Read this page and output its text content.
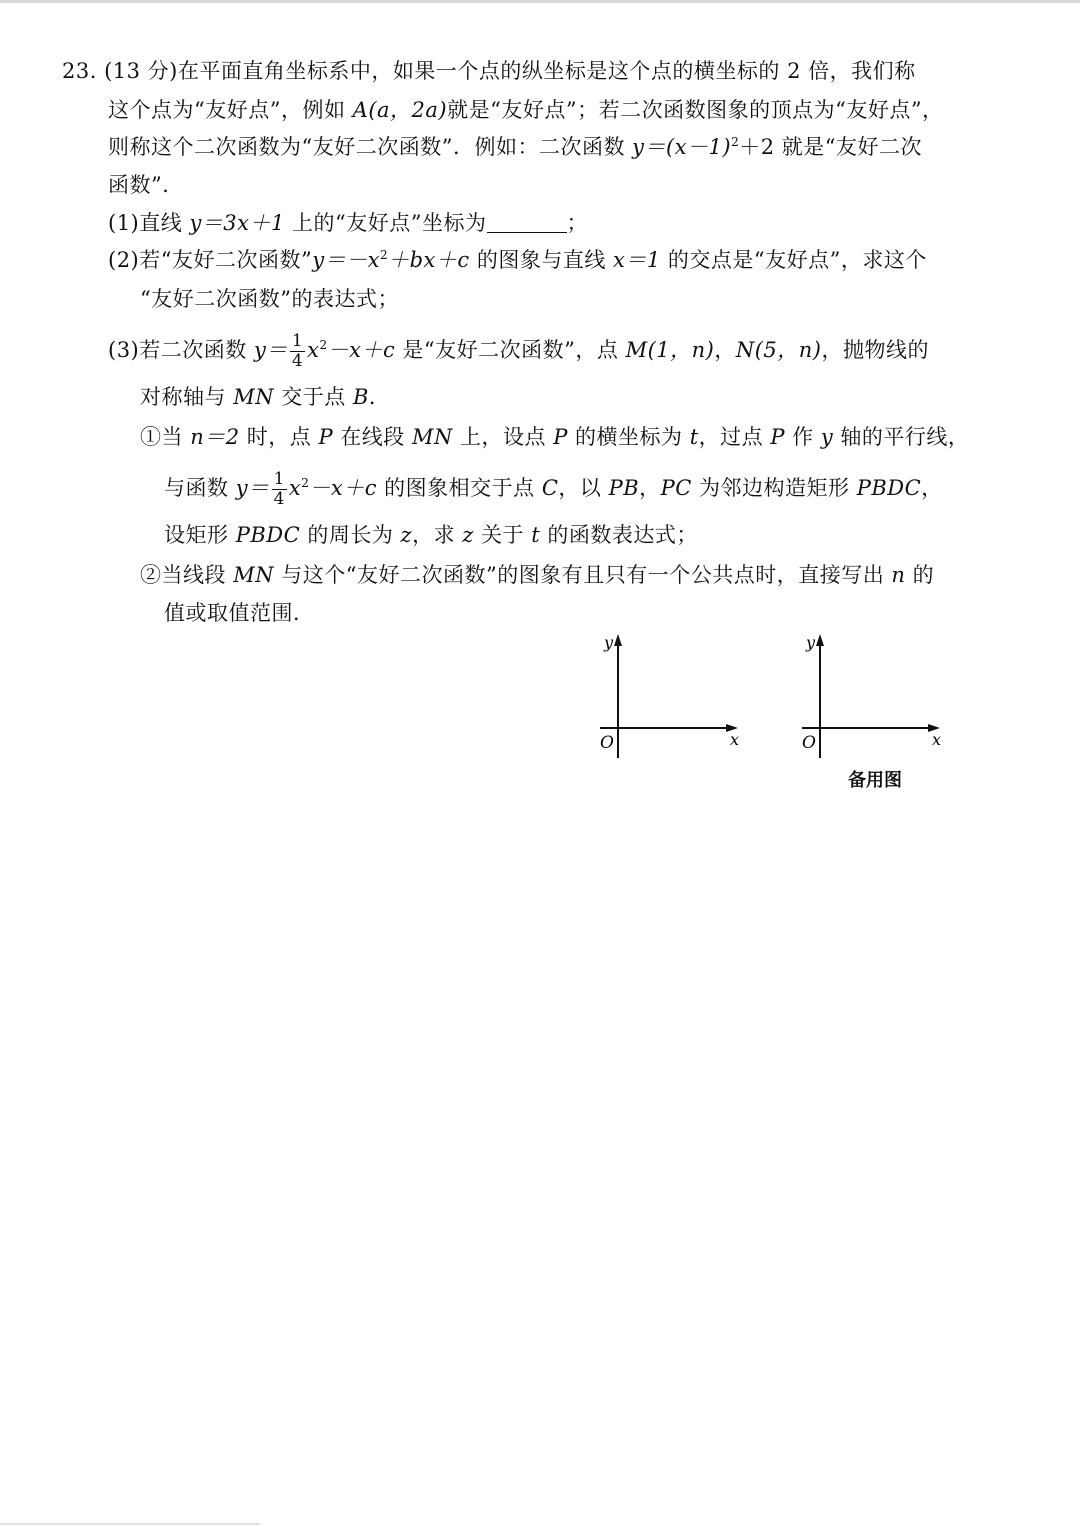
23. (13 分)在平面直角坐标系中，如果一个点的纵坐标是这个点的横坐标的 2 倍，我们称
这个点为“友好点”，例如 A(a，2a)就是“友好点”；若二次函数图象的顶点为“友好点”，
则称这个二次函数为“友好二次函数”．例如：二次函数 $y=(x-1)^2+2$ 就是“友好二次
函数”．
(1)直线 y＝3x＋1 上的“友好点”坐标为	；
(2)若“友好二次函数$”y=-x^2+bx+c$ 的图象与直线 x＝1 的交点是“友好点”，求这个
“友好二次函数”的表达式；
(3)若二次函数 $y= \frac{1}{4} x^2-x+c$ 是“友好二次函数”，点 M(1，n)，N(5，n)，抛物线的
对称轴与 MN 交于点 B．
①当 n＝2 时，点 P 在线段 MN 上，设点 P 的横坐标为 t，过点 P 作 y 轴的平行线，
与函数 $y= \frac{1}{4} x^2-x+c$ 的图象相交于点 C，以 PB，PC 为邻边构造矩形 PBDC，
设矩形 PBDC 的周长为 z，求 z 关于 t 的函数表达式；
②当线段 MN 与这个“友好二次函数”的图象有且只有一个公共点时，直接写出 n 的
值或取值范围．
y
O	x
y
O	x
备用图
